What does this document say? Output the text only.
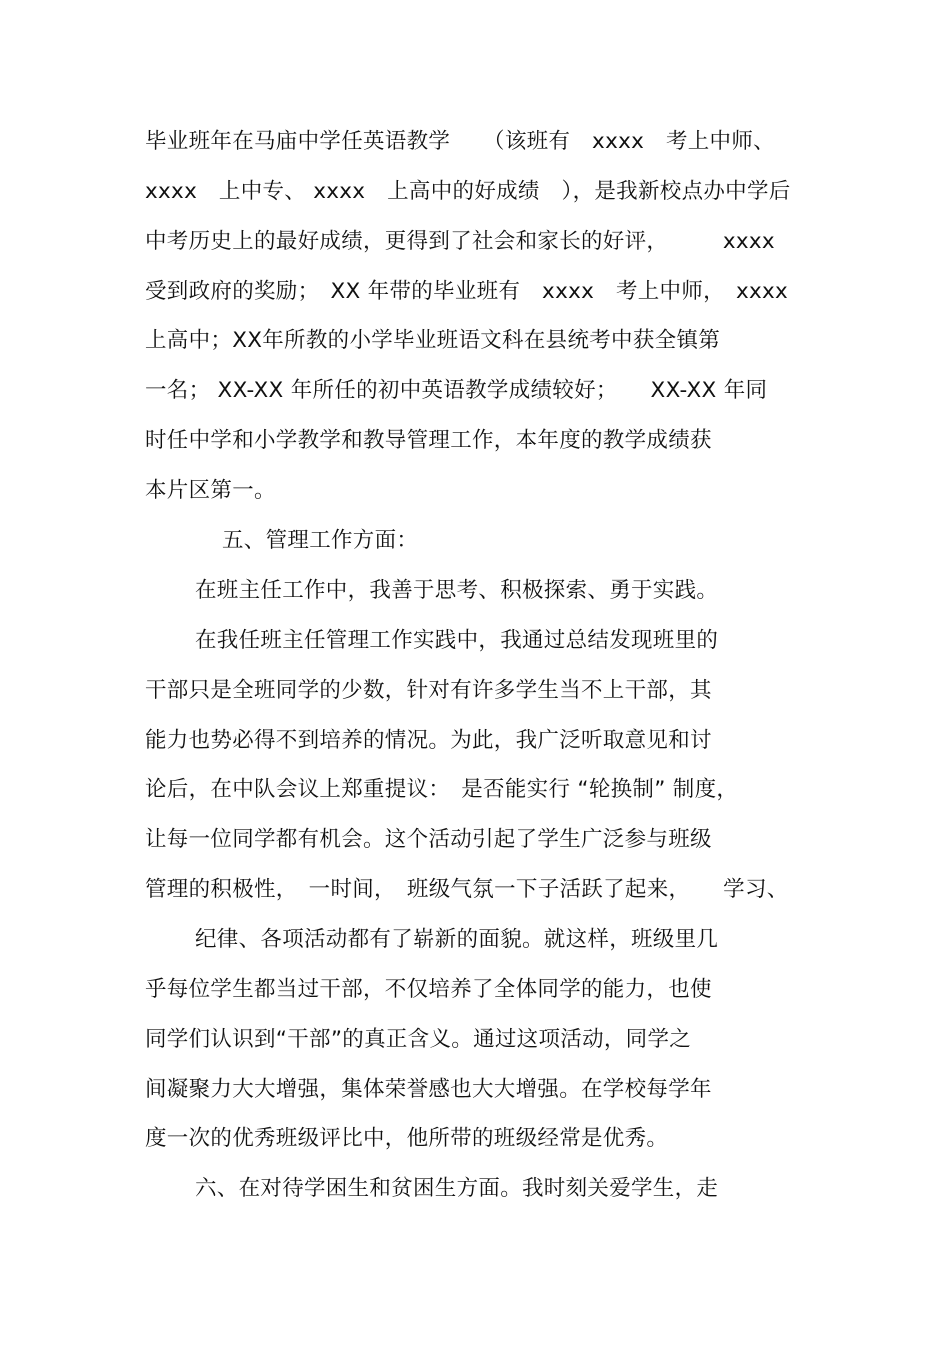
毕业班年在马庙中学任英语教学　　（该班有　xxxx　考上中师、
xxxx　上中专、 xxxx　上高中的好成绩　），是我新校点办中学后
中考历史上的最好成绩，更得到了社会和家长的好评，　　　xxxx
受到政府的奖励；　XX 年带的毕业班有　xxxx　考上中师，　xxxx
上高中；XX年所教的小学毕业班语文科在县统考中获全镇第
一名； XX-XX 年所任的初中英语教学成绩较好；　　XX-XX 年同
时任中学和小学教学和教导管理工作，本年度的教学成绩获
本片区第一。
五、管理工作方面：
在班主任工作中，我善于思考、积极探索、勇于实践。
在我任班主任管理工作实践中，我通过总结发现班里的
干部只是全班同学的少数，针对有许多学生当不上干部，其
能力也势必得不到培养的情况。为此，我广泛听取意见和讨
论后，在中队会议上郑重提议：　是否能实行 “轮换制” 制度，
让每一位同学都有机会。这个活动引起了学生广泛参与班级
管理的积极性，　一时间，　班级气氛一下子活跃了起来，　　学习、
纪律、各项活动都有了崭新的面貌。就这样，班级里几
乎每位学生都当过干部，不仅培养了全体同学的能力，也使
同学们认识到“干部”的真正含义。通过这项活动，同学之
间凝聚力大大增强，集体荣誉感也大大增强。在学校每学年
度一次的优秀班级评比中，他所带的班级经常是优秀。
六、在对待学困生和贫困生方面。我时刻关爱学生，走
